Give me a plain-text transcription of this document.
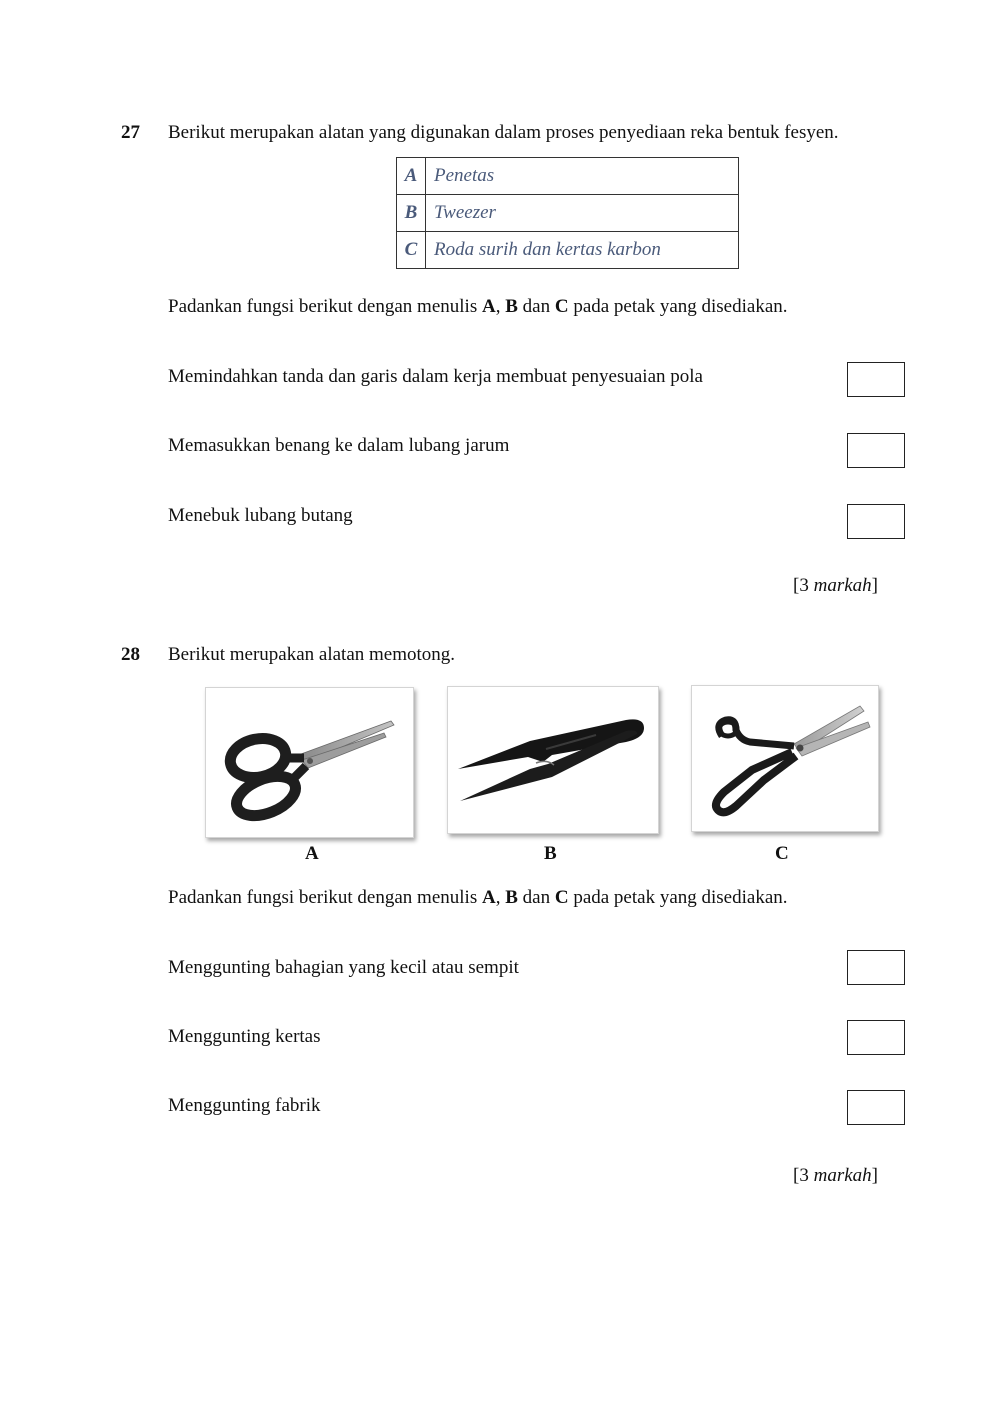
27 Berikut merupakan alatan yang digunakan dalam proses penyediaan reka bentuk fesyen.
A	Penetas
B	Tweezer
C	Roda surih dan kertas karbon
Padankan fungsi berikut dengan menulis A, B dan C pada petak yang disediakan.
Memindahkan tanda dan garis dalam kerja membuat penyesuaian pola
Memasukkan benang ke dalam lubang jarum
Menebuk lubang butang
[3 markah]
28 Berikut merupakan alatan memotong.
A	B	C
Padankan fungsi berikut dengan menulis A, B dan C pada petak yang disediakan.
Menggunting bahagian yang kecil atau sempit
Menggunting kertas
Menggunting fabrik
[3 markah]
